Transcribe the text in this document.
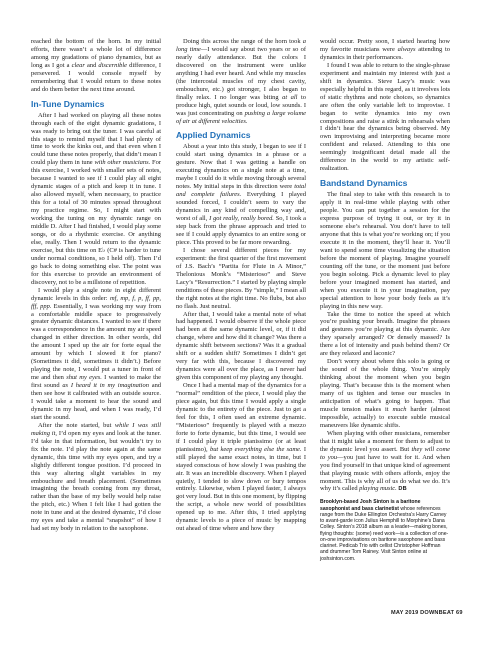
reached the bottom of the horn. In my initial efforts, there wasn’t a whole lot of difference among my gradations of piano dynamics, but as long as I got a clear and discernible difference, I persevered. I would console myself by remembering that I would return to these notes and do them better the next time around.

In-Tune Dynamics

After I had worked on playing all these notes through each of the eight dynamic gradations, I was ready to bring out the tuner. I was careful at this stage to remind myself that I had plenty of time to work the kinks out, and that even when I could tune these notes properly, that didn’t mean I could play them in tune with other musicians. For this exercise, I worked with smaller sets of notes, because I wanted to see if I could play all eight dynamic stages of a pitch and keep it in tune. I also allowed myself, when necessary, to practice this for a total of 30 minutes spread throughout my practice regime. So, I might start with working the tuning on my dynamic range on middle D. After I had finished, I would play some songs, or do a rhythmic exercise. Or anything else, really. Then I would return to the dynamic exercise, but this time on E♭ (C# is harder to tune under normal conditions, so I held off). Then I’d go back to doing something else. The point was for this exercise to provide an environment of discovery, not to be a millstone of repetition.

I would play a single note in eight different dynamic levels in this order: mf, mp, f, p, ff, pp, fff, ppp. Essentially, I was working my way from a comfortable middle space to progressively greater dynamic distances. I wanted to see if there was a correspondence in the amount my air speed changed in either direction. In other words, did the amount I sped up the air for forte equal the amount by which I slowed it for piano? (Sometimes it did, sometimes it didn’t.) Before playing the note, I would put a tuner in front of me and then shut my eyes. I wanted to make the first sound as I heard it in my imagination and then see how it calibrated with an outside source. I would take a moment to hear the sound and dynamic in my head, and when I was ready, I’d start the sound.

After the note started, but while I was still making it, I’d open my eyes and look at the tuner. I’d take in that information, but wouldn’t try to fix the note. I’d play the note again at the same dynamic, this time with my eyes open, and try a slightly different tongue position. I’d proceed in this way altering slight variables in my embouchure and breath placement. (Sometimes imagining the breath coming from my throat, rather than the base of my belly would help raise the pitch, etc.) When I felt like I had gotten the note in tune and at the desired dynamic, I’d close my eyes and take a mental “snapshot” of how I had set my body in relation to the saxophone.

Doing this across the range of the horn took a long time—I would say about two years or so of nearly daily attendance. But the colors I discovered on the instrument were unlike anything I had ever heard. And while my muscles (the intercostal muscles of my chest cavity, embouchure, etc.) got stronger, I also began to finally relax. I no longer was biting at all to produce high, quiet sounds or loud, low sounds. I was just concentrating on pushing a large volume of air at different velocities.

Applied Dynamics

About a year into this study, I began to see if I could start using dynamics in a phrase or a gesture. Now that I was getting a handle on executing dynamics on a single note at a time, maybe I could do it while moving through several notes. My initial steps in this direction were total and complete failures. Everything I played sounded forced, I couldn’t seem to vary the dynamics in any kind of compelling way and, worst of all, I got really, really bored. So, I took a step back from the phrase approach and tried to see if I could apply dynamics to an entire song or piece. This proved to be far more rewarding.

I chose several different pieces for my experiment: the first quarter of the first movement of J.S. Bach’s “Partita for Flute in A Minor,” Thelonious Monk’s “Misterioso” and Steve Lacy’s “Resurrection.” I started by playing simple renditions of these pieces. By “simple,” I mean all the right notes at the right time. No flubs, but also no flash. Just neutral.

After that, I would take a mental note of what had happened. I would observe if the whole piece had been at the same dynamic level, or, if it did change, where and how did it change? Was there a dynamic shift between sections? Was it a gradual shift or a sudden shift? Sometimes I didn’t get very far with this, because I discovered my dynamics were all over the place, as I never had given this component of my playing any thought.

Once I had a mental map of the dynamics for a “normal” rendition of the piece, I would play the piece again, but this time I would apply a single dynamic to the entirety of the piece. Just to get a feel for this, I often used an extreme dynamic. “Misterioso” frequently is played with a mezzo forte to forte dynamic, but this time, I would see if I could play it triple pianissimo (or at least pianissimo), but keep everything else the same. I still played the same exact notes, in time, but I stayed conscious of how slowly I was pushing the air. It was an incredible discovery. When I played quietly, I tended to slow down or bury tempos entirely. Likewise, when I played faster, I always got very loud. But in this one moment, by flipping the script, a whole new world of possibilities opened up to me. After this, I tried applying dynamic levels to a piece of music by mapping out ahead of time where and how they

would occur. Pretty soon, I started hearing how my favorite musicians were always attending to dynamics in their performances.

I found I was able to return to the single-phrase experiment and maintain my interest with just a shift in dynamics. Steve Lacy’s music was especially helpful in this regard, as it involves lots of static rhythms and note choices, so dynamics are often the only variable left to improvise. I began to write dynamics into my own compositions and raise a stink in rehearsals when I didn’t hear the dynamics being observed. My own improvising and interpreting became more confident and relaxed. Attending to this one seemingly insignificant detail made all the difference in the world to my artistic self-realization.

Bandstand Dynamics

The final step to take with this research is to apply it in real-time while playing with other people. You can put together a session for the express purpose of trying it out, or try it in someone else’s rehearsal. You don’t have to tell anyone that this is what you’re working on; if you execute it in the moment, they’ll hear it. You’ll want to spend some time visualizing the situation before the moment of playing. Imagine yourself counting off the tune, or the moment just before you begin soloing. Pick a dynamic level to play before your imagined moment has started, and when you execute it in your imagination, pay special attention to how your body feels as it’s playing in this new way.

Take the time to notice the speed at which you’re pushing your breath. Imagine the phrases and gestures you’re playing at this dynamic. Are they sparsely arranged? Or densely massed? Is there a lot of intensity and push behind them? Or are they relaxed and laconic?

Don’t worry about where this solo is going or the sound of the whole thing. You’re simply thinking about the moment when you begin playing. That’s because this is the moment when many of us tighten and tense our muscles in anticipation of what’s going to happen. That muscle tension makes it much harder (almost impossible, actually) to execute subtle musical maneuvers like dynamic shifts.

When playing with other musicians, remember that it might take a moment for them to adjust to the dynamic level you assert. But they will come to you—you just have to wait for it. And when you find yourself in that unique kind of agreement that playing music with others affords, enjoy the moment. This is why all of us do what we do. It’s why it’s called playing music. DB

Brooklyn-based Josh Sinton is a baritone saxophonist and bass clarinetist whose references range from the Duke Ellington Orchestra’s Harry Carney to avant-garde icon Julius Hemphill to Morphine’s Dana Colley. Sinton’s 2018 album as a leader—making bones, flying thoughts: (some) reed work—is a collection of one-on-one improvisations on baritone saxophone and bass clarinet. Pedicab Trio with cellist Christopher Hoffman and drummer Tom Rainey. Visit Sinton online at joshsinton.com.
MAY 2019 DOWNBEAT 69
